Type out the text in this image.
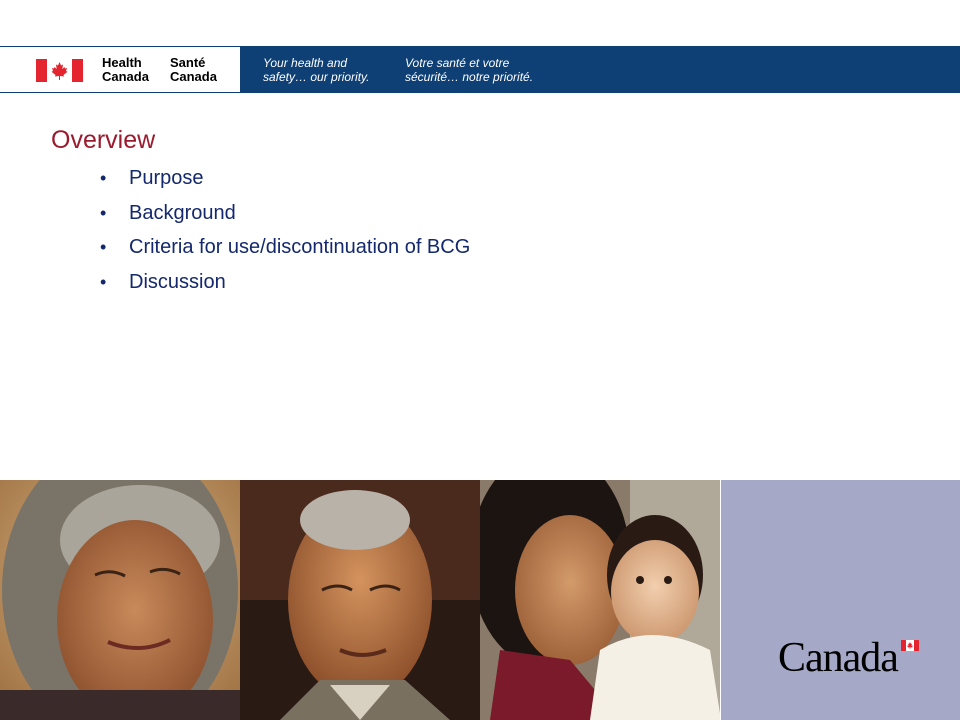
Health
Canada
Santé
Canada
Your health and
safety… our priority.
Votre santé et votre
sécurité… notre priorité.
Overview
• Purpose
• Background
• Criteria for use/discontinuation of BCG
• Discussion
Canada
